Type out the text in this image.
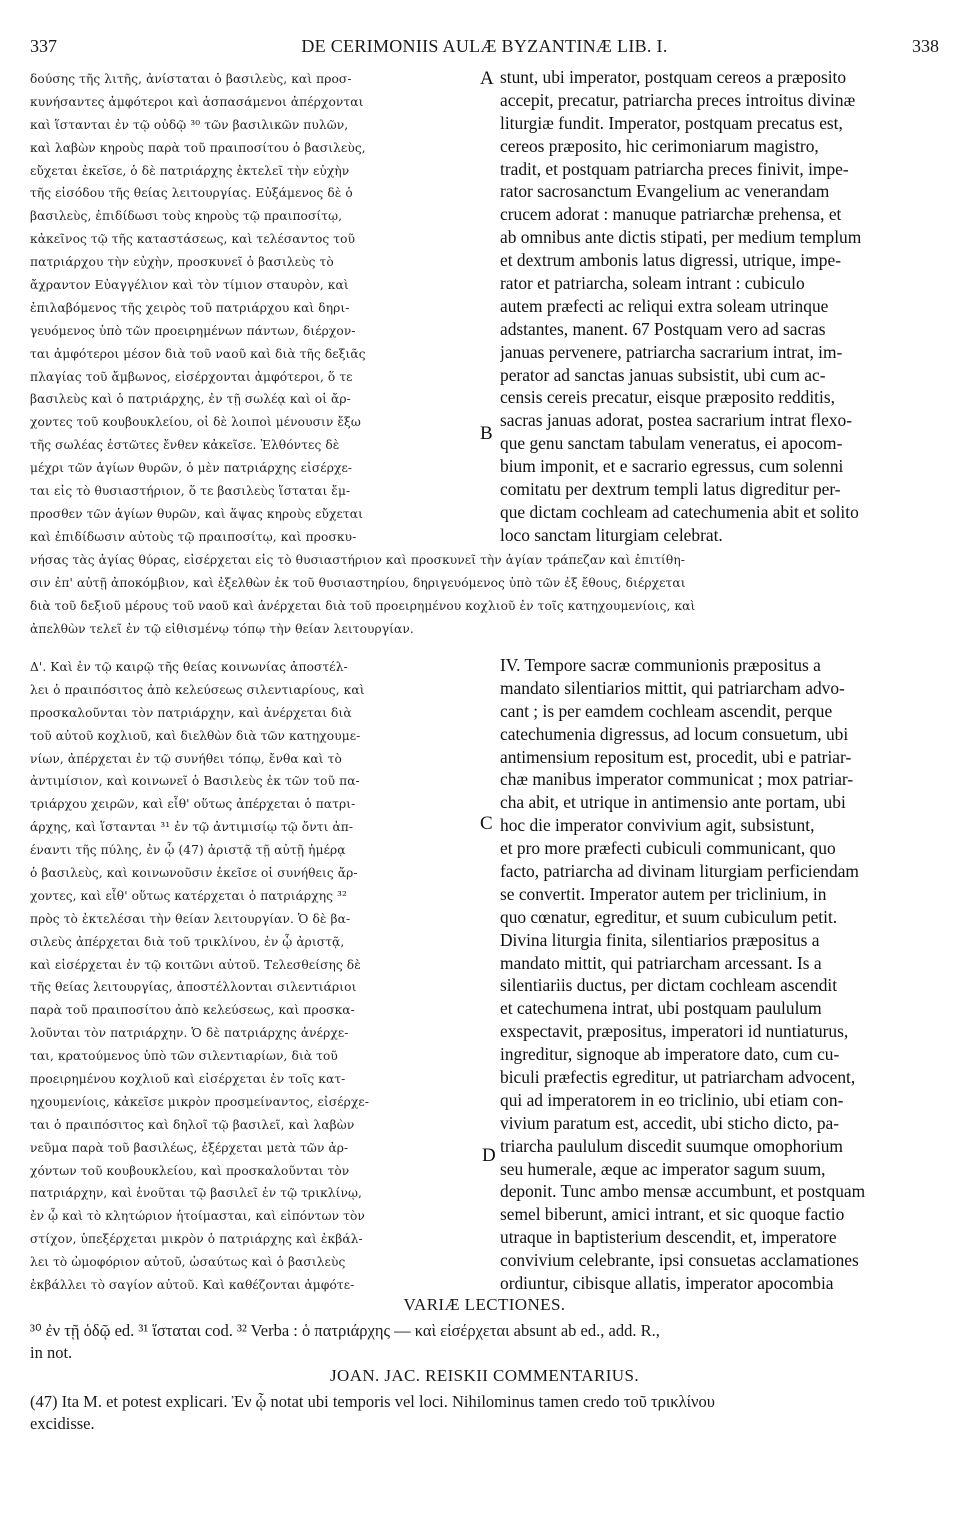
337	DE CERIMONIIS AULÆ BYZANTINÆ LIB. I.	338
δούσης τῆς λιτῆς, ἀνίσταται ὁ βασιλεὺς, καὶ προσ-
κυνήσαντες ἀμφότεροι καὶ ἀσπασάμενοι ἀπέρχονται
καὶ ἵστανται ἐν τῷ οὐδῷ ³⁰ τῶν βασιλικῶν πυλῶν,
καὶ λαβὼν κηροὺς παρὰ τοῦ πραιποσίτου ὁ βασιλεὺς,
εὔχεται ἐκεῖσε, ὁ δὲ πατριάρχης ἐκτελεῖ τὴν εὐχὴν
τῆς εἰσόδου τῆς θείας λειτουργίας. Εὐξάμενος δὲ ὁ
βασιλεὺς, ἐπιδίδωσι τοὺς κηροὺς τῷ πραιποσίτῳ,
κἀκεῖνος τῷ τῆς καταστάσεως, καὶ τελέσαντος τοῦ
πατριάρχου τὴν εὐχὴν, προσκυνεῖ ὁ βασιλεὺς τὸ
ἄχραντον Εὐαγγέλιον καὶ τὸν τίμιον σταυρὸν, καὶ
ἐπιλαβόμενος τῆς χειρὸς τοῦ πατριάρχου καὶ δηρι-
γευόμενος ὑπὸ τῶν προειρημένων πάντων, διέρχον-
ται ἀμφότεροι μέσον διὰ τοῦ ναοῦ καὶ διὰ τῆς δεξιᾶς
πλαγίας τοῦ ἄμβωνος, εἰσέρχονται ἀμφότεροι, ὅ τε
βασιλεὺς καὶ ὁ πατριάρχης, ἐν τῇ σωλέᾳ καὶ οἱ ἄρ-
χοντες τοῦ κουβουκλείου, οἱ δὲ λοιποὶ μένουσιν ἔξω
τῆς σωλέας ἑστῶτες ἔνθεν κἀκεῖσε. Ἐλθόντες δὲ
μέχρι τῶν ἁγίων θυρῶν, ὁ μὲν πατριάρχης εἰσέρχε-
ται εἰς τὸ θυσιαστήριον, ὅ τε βασιλεὺς ἵσταται ἔμ-
προσθεν τῶν ἁγίων θυρῶν, καὶ ἅψας κηροὺς εὔχεται
καὶ ἐπιδίδωσιν αὐτοὺς τῷ πραιποσίτῳ, καὶ προσκυ-
stunt, ubi imperator, postquam cereos a præposito
accepit, precatur, patriarcha preces introitus divinæ
liturgiæ fundit. Imperator, postquam precatus est,
cereos præposito, hic cerimoniarum magistro,
tradit, et postquam patriarcha preces finivit, impe-
rator sacrosanctum Evangelium ac venerandam
crucem adorat : manuque patriarchæ prehensa, et
ab omnibus ante dictis stipati, per medium templum
et dextrum ambonis latus digressi, utrique, impe-
rator et patriarcha, soleam intrant : cubiculo
autem præfecti ac reliqui extra soleam utrinque
adstantes, manent. 67 Postquam vero ad sacras
januas pervenere, patriarcha sacrarium intrat, im-
perator ad sanctas januas subsistit, ubi cum ac-
censis cereis precatur, eisque præposito redditis,
sacras januas adorat, postea sacrarium intrat flexo-
que genu sanctam tabulam veneratus, ei apocom-
bium imponit, et e sacrario egressus, cum solenni
comitatu per dextrum templi latus digreditur per-
que dictam cochleam ad catechumenia abit et solito
loco sanctam liturgiam celebrat.
νήσας τὰς ἁγίας θύρας, εἰσέρχεται εἰς τὸ θυσιαστήριον καὶ προσκυνεῖ τὴν ἁγίαν τράπεζαν καὶ ἐπιτίθη-
σιν ἐπ' αὐτῇ ἀποκόμβιον, καὶ ἐξελθὼν ἐκ τοῦ θυσιαστηρίου, δηριγευόμενος ὑπὸ τῶν ἐξ ἔθους, διέρχεται
διὰ τοῦ δεξιοῦ μέρους τοῦ ναοῦ καὶ ἀνέρχεται διὰ τοῦ προειρημένου κοχλιοῦ ἐν τοῖς κατηχουμενίοις, καὶ
ἀπελθὼν τελεῖ ἐν τῷ εἰθισμένῳ τόπῳ τὴν θείαν λειτουργίαν.
Δ'. Καὶ ἐν τῷ καιρῷ τῆς θείας κοινωνίας ἀποστέλ-
λει ὁ πραιπόσιτος ἀπὸ κελεύσεως σιλεντιαρίους, καὶ
προσκαλοῦνται τὸν πατριάρχην, καὶ ἀνέρχεται διὰ
τοῦ αὐτοῦ κοχλιοῦ, καὶ διελθὼν διὰ τῶν κατηχουμε-
νίων, ἀπέρχεται ἐν τῷ συνήθει τόπῳ, ἔνθα καὶ τὸ
ἀντιμίσιον, καὶ κοινωνεῖ ὁ Βασιλεὺς ἐκ τῶν τοῦ πα-
τριάρχου χειρῶν, καὶ εἶθ' οὕτως ἀπέρχεται ὁ πατρι-
άρχης, καὶ ἵστανται ³¹ ἐν τῷ ἀντιμισίῳ τῷ ὄντι ἀπ-
έναντι τῆς πύλης, ἐν ᾧ (47) ἀριστᾷ τῇ αὐτῇ ἡμέρᾳ
ὁ βασιλεὺς, καὶ κοινωνοῦσιν ἐκεῖσε οἱ συνήθεις ἄρ-
χοντες, καὶ εἶθ' οὕτως κατέρχεται ὁ πατριάρχης ³²
πρὸς τὸ ἐκτελέσαι τὴν θείαν λειτουργίαν. Ὁ δὲ βα-
σιλεὺς ἀπέρχεται διὰ τοῦ τρικλίνου, ἐν ᾧ ἀριστᾷ,
καὶ εἰσέρχεται ἐν τῷ κοιτῶνι αὐτοῦ. Τελεσθείσης δὲ
τῆς θείας λειτουργίας, ἀποστέλλονται σιλεντιάριοι
παρὰ τοῦ πραιποσίτου ἀπὸ κελεύσεως, καὶ προσκα-
λοῦνται τὸν πατριάρχην. Ὁ δὲ πατριάρχης ἀνέρχε-
ται, κρατούμενος ὑπὸ τῶν σιλεντιαρίων, διὰ τοῦ
προειρημένου κοχλιοῦ καὶ εἰσέρχεται ἐν τοῖς κατ-
ηχουμενίοις, κἀκεῖσε μικρὸν προσμείναντος, εἰσέρχε-
ται ὁ πραιπόσιτος καὶ δηλοῖ τῷ βασιλεῖ, καὶ λαβὼν
νεῦμα παρὰ τοῦ βασιλέως, ἐξέρχεται μετὰ τῶν ἀρ-
χόντων τοῦ κουβουκλείου, καὶ προσκαλοῦνται τὸν
πατριάρχην, καὶ ἑνοῦται τῷ βασιλεῖ ἐν τῷ τρικλίνῳ,
ἐν ᾧ καὶ τὸ κλητώριον ἡτοίμασται, καὶ εἰπόντων τὸν
στίχον, ὑπεξέρχεται μικρὸν ὁ πατριάρχης καὶ ἐκβάλ-
λει τὸ ὠμοφόριον αὐτοῦ, ὡσαύτως καὶ ὁ βασιλεὺς
ἐκβάλλει τὸ σαγίον αὐτοῦ. Καὶ καθέζονται ἀμφότε-
IV. Tempore sacræ communionis præpositus a
mandato silentiarios mittit, qui patriarcham advo-
cant ; is per eamdem cochleam ascendit, perque
catechumenia digressus, ad locum consuetum, ubi
antimensium repositum est, procedit, ubi e patriar-
chæ manibus imperator communicat ; mox patriar-
cha abit, et utrique in antimensio ante portam, ubi
hoc die imperator convivium agit, subsistunt,
et pro more præfecti cubiculi communicant, quo
facto, patriarcha ad divinam liturgiam perficiendam
se convertit. Imperator autem per triclinium, in
quo cœnatur, egreditur, et suum cubiculum petit.
Divina liturgia finita, silentiarios præpositus a
mandato mittit, qui patriarcham arcessant. Is a
silentiariis ductus, per dictam cochleam ascendit
et catechumena intrat, ubi postquam paululum
exspectavit, præpositus, imperatori id nuntiaturus,
ingreditur, signoque ab imperatore dato, cum cu-
biculi præfectis egreditur, ut patriarcham advocent,
qui ad imperatorem in eo triclinio, ubi etiam con-
vivium paratum est, accedit, ubi sticho dicto, pa-
triarcha paululum discedit suumque omophorium
seu humerale, æque ac imperator sagum suum,
deponit. Tunc ambo mensæ accumbunt, et postquam
semel biberunt, amici intrant, et sic quoque factio
utraque in baptisterium descendit, et, imperatore
convivium celebrante, ipsi consuetas acclamationes
ordiuntur, cibisque allatis, imperator apocombia
A
B
C
D
VARIÆ LECTIONES.
³⁰ ἐν τῇ ὁδῷ ed. ³¹ ἵσταται cod. ³² Verba : ὁ πατριάρχης — καὶ εἰσέρχεται absunt ab ed., add. R.,
in not.
JOAN. JAC. REISKII COMMENTARIUS.
(47) Ita M. et potest explicari. Ἐν ᾧ notat ubi temporis vel loci. Nihilominus tamen credo τοῦ τρικλίνου
excidisse.
